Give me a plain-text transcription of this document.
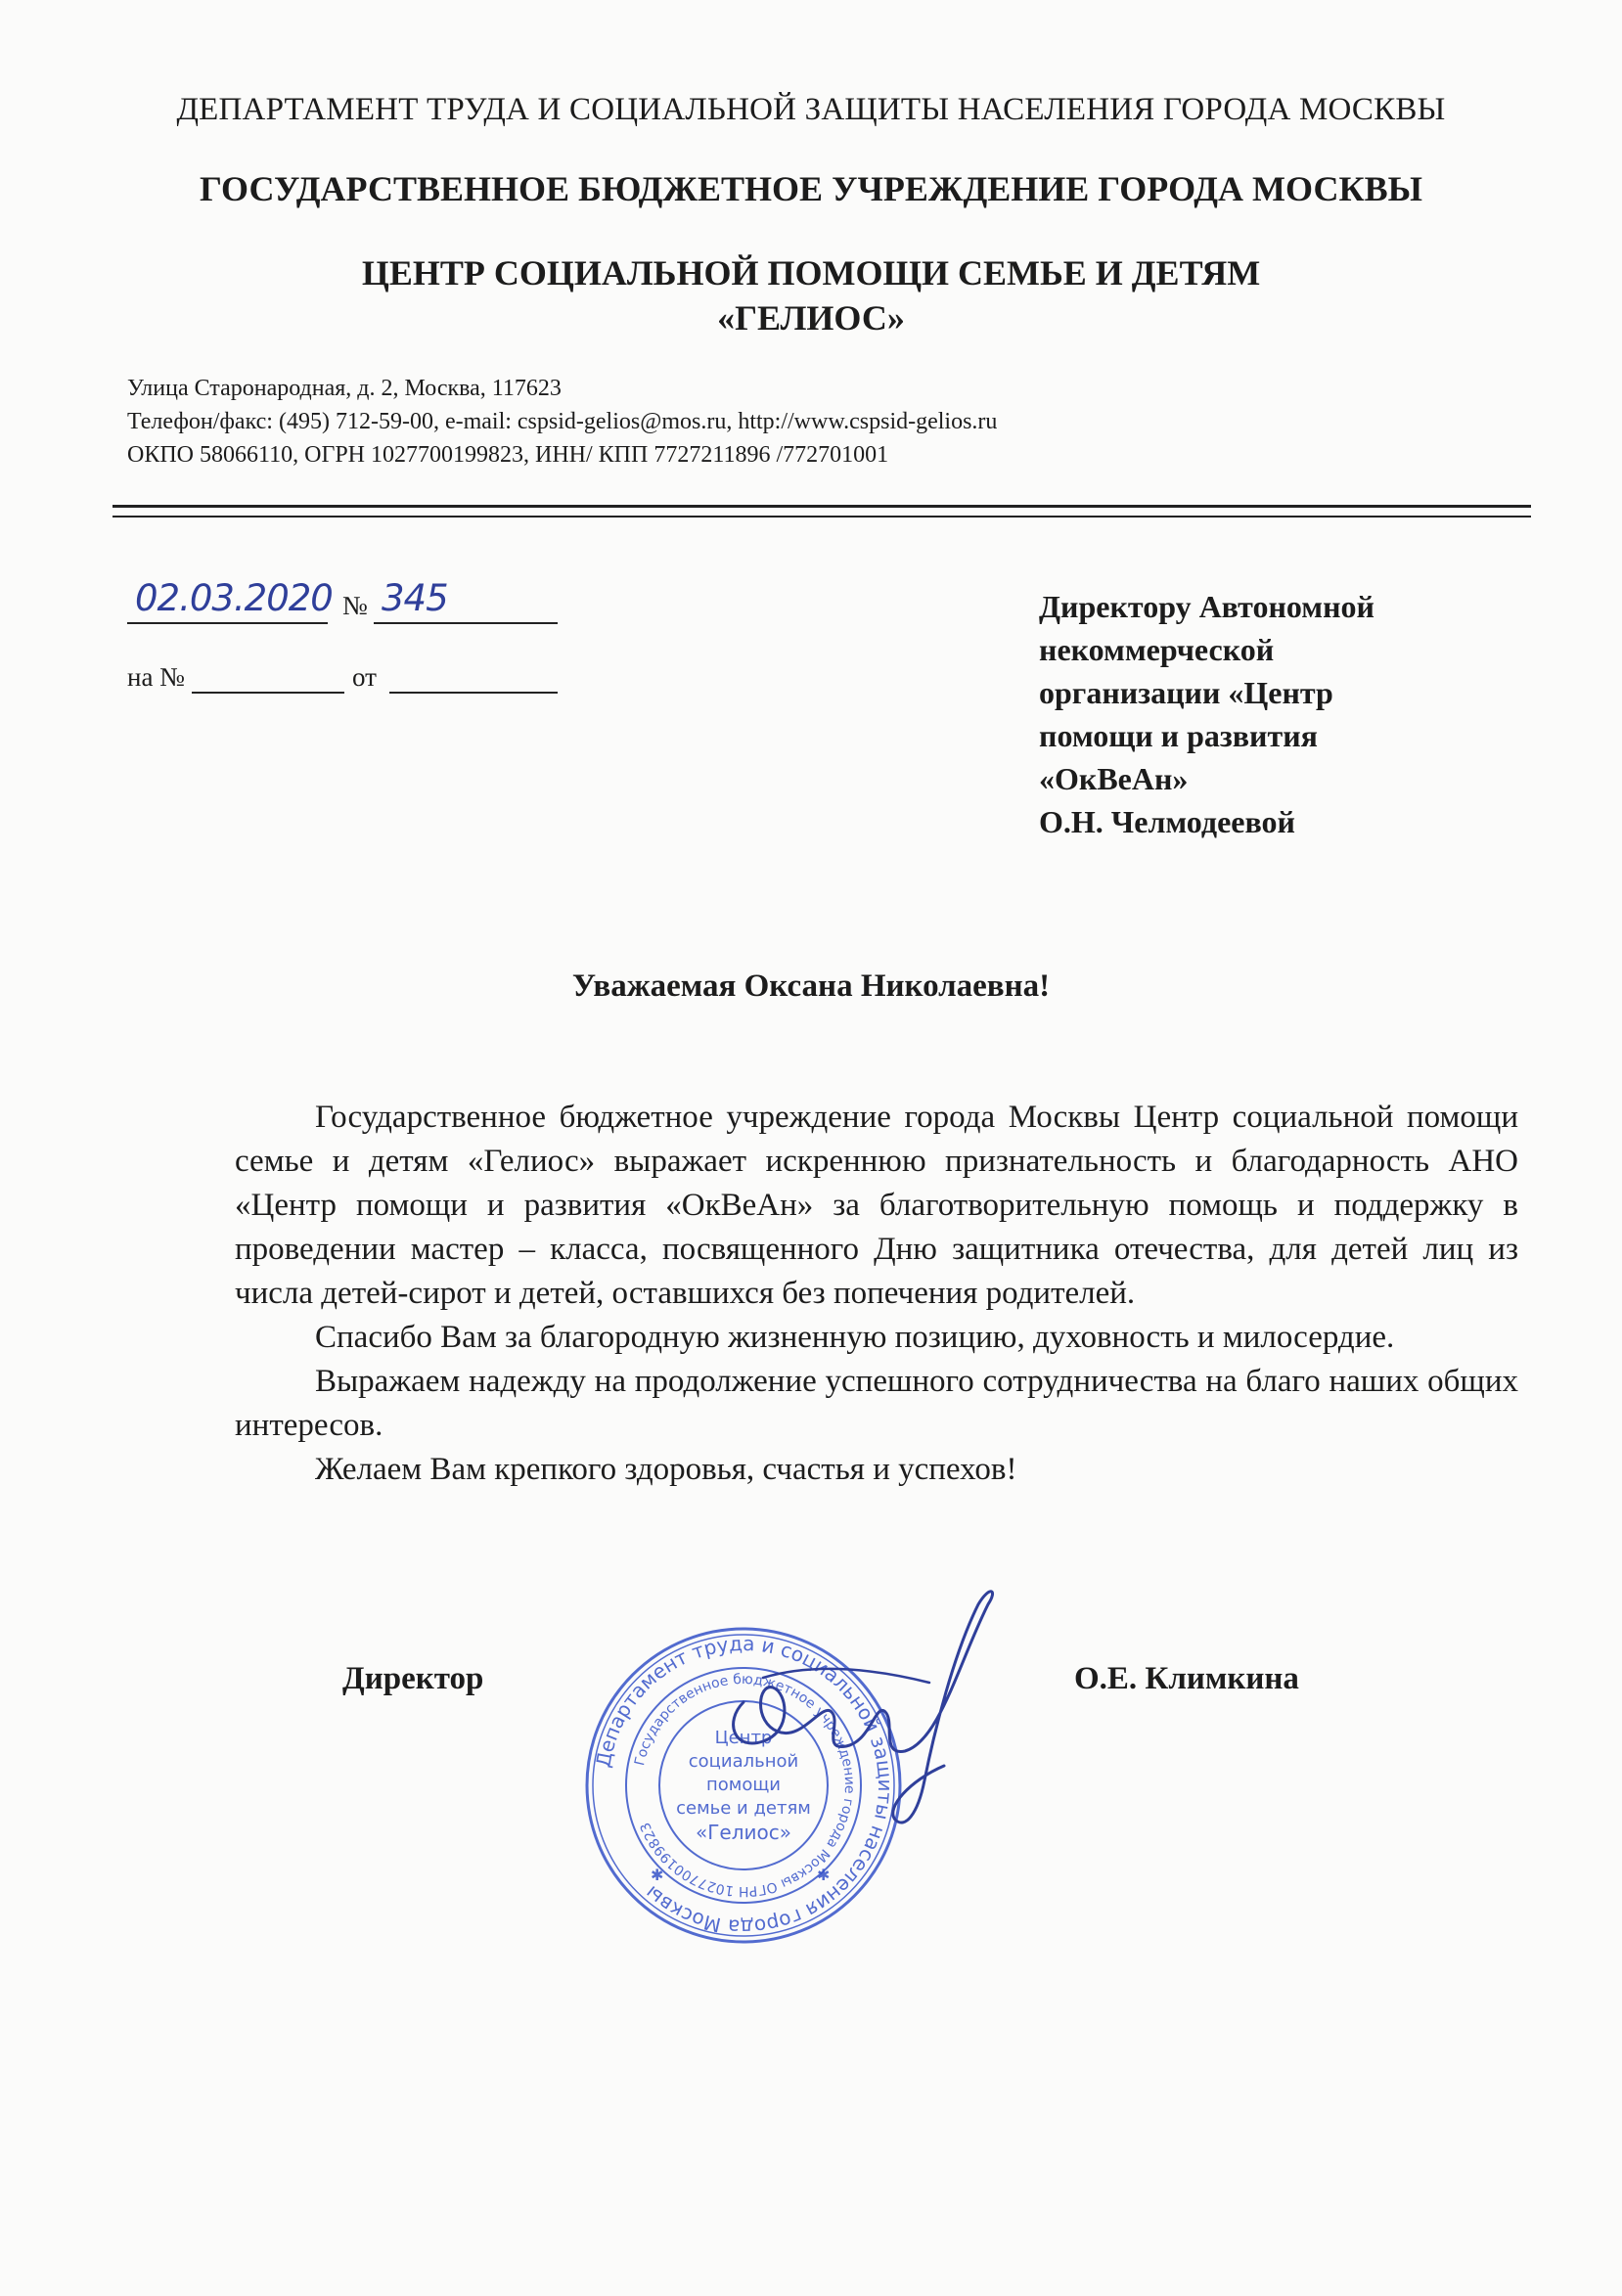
ДЕПАРТАМЕНТ ТРУДА И СОЦИАЛЬНОЙ ЗАЩИТЫ НАСЕЛЕНИЯ ГОРОДА МОСКВЫ
ГОСУДАРСТВЕННОЕ БЮДЖЕТНОЕ УЧРЕЖДЕНИЕ ГОРОДА МОСКВЫ
ЦЕНТР СОЦИАЛЬНОЙ ПОМОЩИ СЕМЬЕ И ДЕТЯМ
«ГЕЛИОС»
Улица Старонародная, д. 2, Москва, 117623
Телефон/факс: (495) 712-59-00, e-mail: cspsid-gelios@mos.ru, http://www.cspsid-gelios.ru
ОКПО 58066110, ОГРН 1027700199823, ИНН/ КПП 7727211896 /772701001
02.03.2020 № 345
на №	от
Директору Автономной
некоммерческой
организации «Центр
помощи и развития
«ОкВеАн»
О.Н. Челмодеевой
Уважаемая Оксана Николаевна!

Государственное бюджетное учреждение города Москвы Центр социальной помощи семье и детям «Гелиос» выражает искреннюю признательность и благодарность АНО «Центр помощи и развития «ОкВеАн» за благотворительную помощь и поддержку в проведении мастер – класса, посвященного Дню защитника отечества, для детей лиц из числа детей-сирот и детей, оставшихся без попечения родителей.

Спасибо Вам за благородную жизненную позицию, духовность и милосердие.

Выражаем надежду на продолжение успешного сотрудничества на благо наших общих интересов.

Желаем Вам крепкого здоровья, счастья и успехов!

Директор	О.Е. Климкина
Департамент труда и социальной защиты населения города Москвы
Государственное бюджетное учреждение города Москвы ОГРН 1027700199823
Центр
социальной
помощи
семье и детям
«Гелиос»
✱	✱
